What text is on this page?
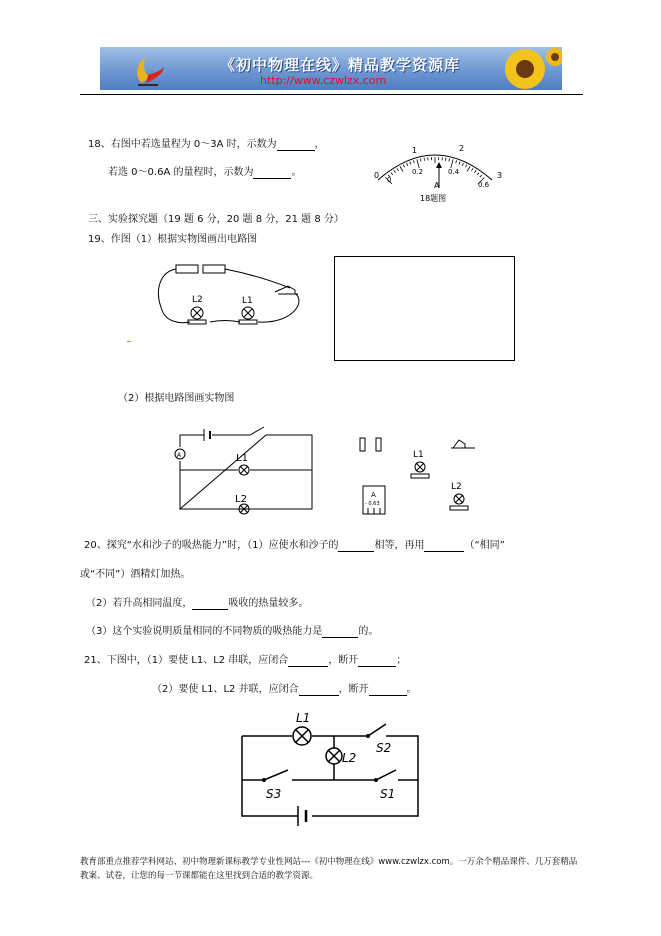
《初中物理在线》精品教学资源库
http://www.czwlzx.com
18、右图中若选量程为 0～3A 时，示数为	，
若选 0～0.6A 的量程时，示数为	。	0
1	2
3
0
0.2	0.4
0.6
A
18题图
三、实验探究题（19 题 6 分，20 题 8 分，21 题 8 分）
19、作图（1）根据实物图画出电路图
L2	L1
（2）根据电路图画实物图
A	L1
L2
L1
A
- 0.63
L2
20、探究“水和沙子的吸热能力”时，（1）应使水和沙子的	相等，再用	（“相同”
或“不同”）酒精灯加热。
（2）若升高相同温度，	吸收的热量较多。
（3）这个实验说明质量相同的不同物质的吸热能力是	的。
21、下图中，（1）要使 L1、L2 串联，应闭合	，断开	；
（2）要使 L1、L2 并联，应闭合	，断开	。
L1
L2
S2
S3	S1
教育部重点推荐学科网站、初中物理新课标教学专业性网站---《初中物理在线》www.czwlzx.com。一万余个精品课件、几万套精品教案、试卷，让您的每一节课都能在这里找到合适的教学资源。
